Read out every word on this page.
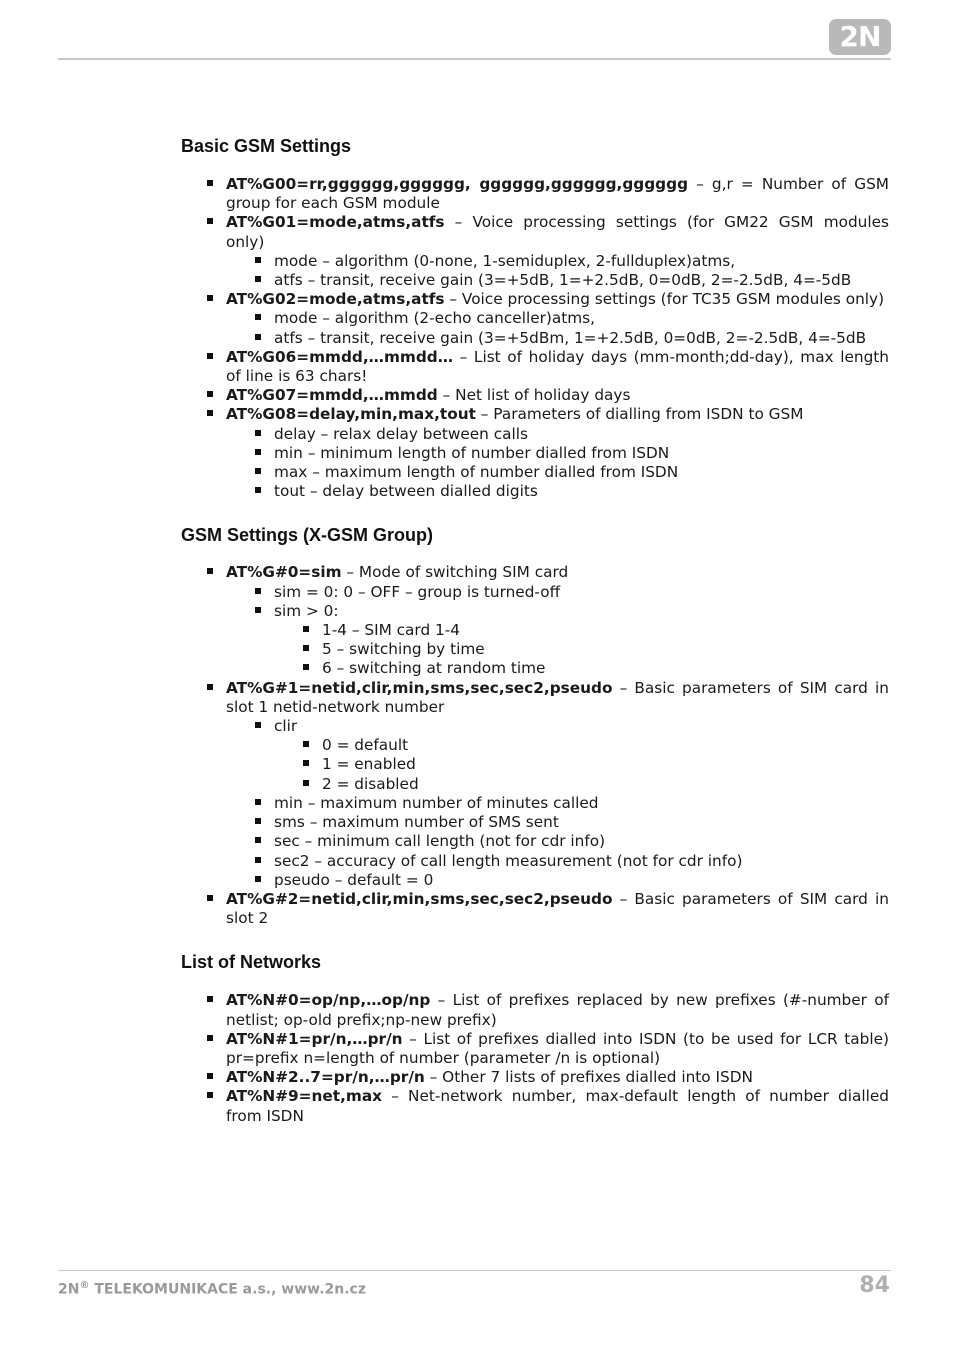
2N
Basic GSM Settings
AT%G00=rr,gggggg,gggggg, gggggg,gggggg,gggggg – g,r = Number of GSM group for each GSM module
AT%G01=mode,atms,atfs – Voice processing settings (for GM22 GSM modules only)
mode – algorithm (0-none, 1-semiduplex, 2-fullduplex)atms,
atfs – transit, receive gain (3=+5dB, 1=+2.5dB, 0=0dB, 2=-2.5dB, 4=-5dB
AT%G02=mode,atms,atfs – Voice processing settings (for TC35 GSM modules only)
mode – algorithm (2-echo canceller)atms,
atfs – transit, receive gain (3=+5dBm, 1=+2.5dB, 0=0dB, 2=-2.5dB, 4=-5dB
AT%G06=mmdd,…mmdd… – List of holiday days (mm-month;dd-day), max length of line is 63 chars!
AT%G07=mmdd,…mmdd – Net list of holiday days
AT%G08=delay,min,max,tout – Parameters of dialling from ISDN to GSM
delay – relax delay between calls
min – minimum length of number dialled from ISDN
max – maximum length of number dialled from ISDN
tout – delay between dialled digits
GSM Settings (X-GSM Group)
AT%G#0=sim – Mode of switching SIM card
sim = 0: 0 – OFF – group is turned-off
sim > 0:
1-4 – SIM card 1-4
5 – switching by time
6 – switching at random time
AT%G#1=netid,clir,min,sms,sec,sec2,pseudo – Basic parameters of SIM card in slot 1 netid-network number
clir
0 = default
1 = enabled
2 = disabled
min – maximum number of minutes called
sms – maximum number of SMS sent
sec – minimum call length (not for cdr info)
sec2 – accuracy of call length measurement (not for cdr info)
pseudo – default = 0
AT%G#2=netid,clir,min,sms,sec,sec2,pseudo – Basic parameters of SIM card in slot 2
List of Networks
AT%N#0=op/np,…op/np – List of prefixes replaced by new prefixes (#-number of netlist; op-old prefix;np-new prefix)
AT%N#1=pr/n,…pr/n – List of prefixes dialled into ISDN (to be used for LCR table) pr=prefix n=length of number (parameter /n is optional)
AT%N#2..7=pr/n,…pr/n – Other 7 lists of prefixes dialled into ISDN
AT%N#9=net,max – Net-network number, max-default length of number dialled from ISDN
2N® TELEKOMUNIKACE a.s., www.2n.cz	84
